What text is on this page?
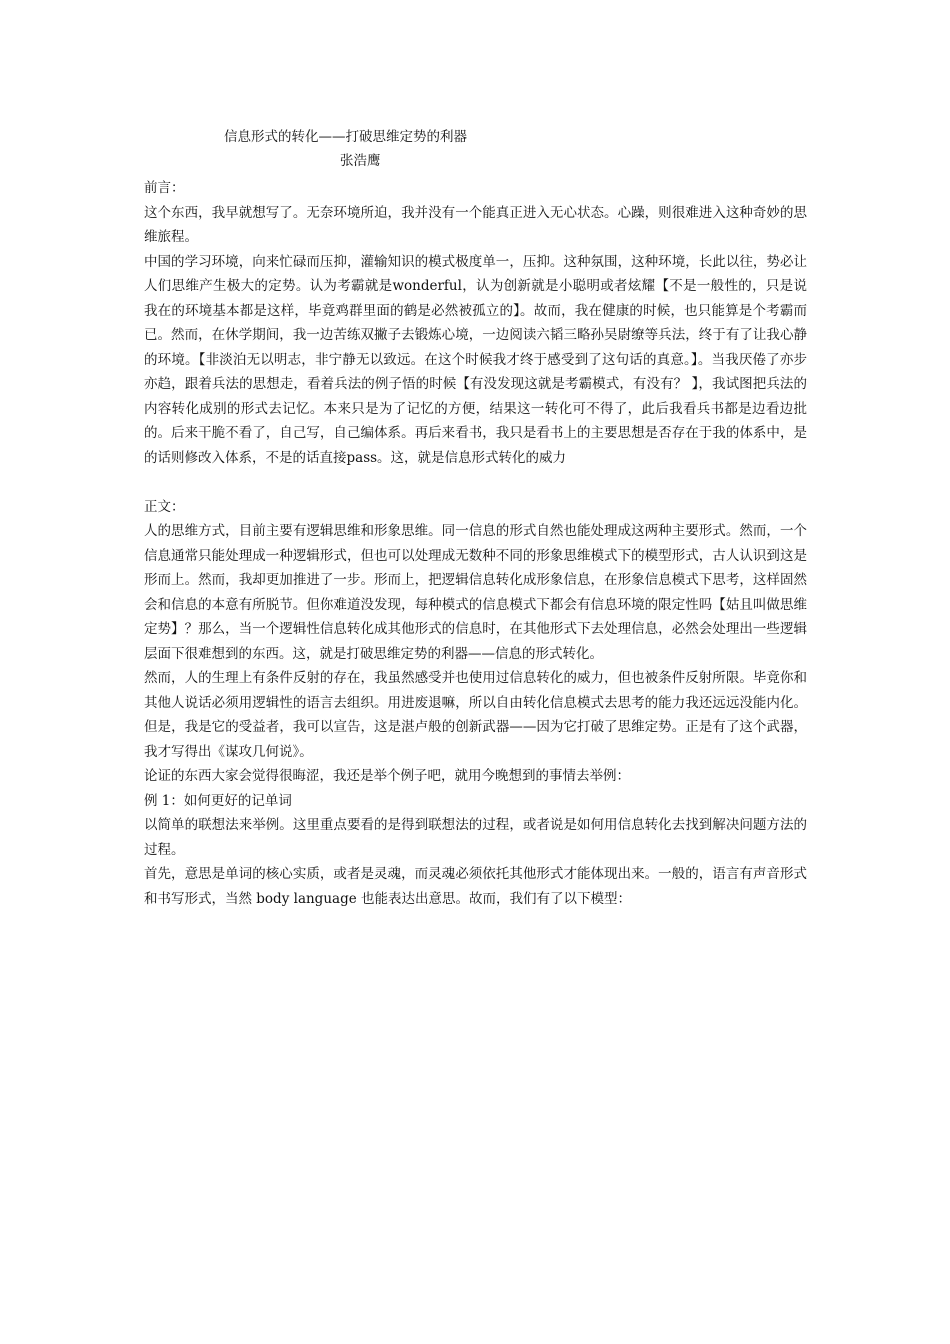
信息形式的转化——打破思维定势的利器
张浩鹰

前言：

这个东西，我早就想写了。无奈环境所迫，我并没有一个能真正进入无心状态。心躁，则很难进入这种奇妙的思维旅程。

中国的学习环境，向来忙碌而压抑，灌输知识的模式极度单一，压抑。这种氛围，这种环境，长此以往，势必让人们思维产生极大的定势。认为考霸就是wonderful，认为创新就是小聪明或者炫耀【不是一般性的，只是说我在的环境基本都是这样，毕竟鸡群里面的鹤是必然被孤立的】。故而，我在健康的时候，也只能算是个考霸而已。然而，在休学期间，我一边苦练双撇子去锻炼心境，一边阅读六韬三略孙吴尉缭等兵法，终于有了让我心静的环境。【非淡泊无以明志，非宁静无以致远。在这个时候我才终于感受到了这句话的真意。】。当我厌倦了亦步亦趋，跟着兵法的思想走，看着兵法的例子悟的时候【有没发现这就是考霸模式，有没有？ 】，我试图把兵法的内容转化成别的形式去记忆。本来只是为了记忆的方便，结果这一转化可不得了，此后我看兵书都是边看边批的。后来干脆不看了，自己写，自己编体系。再后来看书，我只是看书上的主要思想是否存在于我的体系中，是的话则修改入体系，不是的话直接pass。这，就是信息形式转化的威力

正文：

人的思维方式，目前主要有逻辑思维和形象思维。同一信息的形式自然也能处理成这两种主要形式。然而，一个信息通常只能处理成一种逻辑形式，但也可以处理成无数种不同的形象思维模式下的模型形式，古人认识到这是形而上。然而，我却更加推进了一步。形而上，把逻辑信息转化成形象信息，在形象信息模式下思考，这样固然会和信息的本意有所脱节。但你难道没发现，每种模式的信息模式下都会有信息环境的限定性吗【姑且叫做思维定势】？那么，当一个逻辑性信息转化成其他形式的信息时，在其他形式下去处理信息，必然会处理出一些逻辑层面下很难想到的东西。这，就是打破思维定势的利器——信息的形式转化。

然而，人的生理上有条件反射的存在，我虽然感受并也使用过信息转化的威力，但也被条件反射所限。毕竟你和其他人说话必须用逻辑性的语言去组织。用进废退嘛，所以自由转化信息模式去思考的能力我还远远没能内化。但是，我是它的受益者，我可以宣告，这是湛卢般的创新武器——因为它打破了思维定势。正是有了这个武器，我才写得出《谋攻几何说》。

论证的东西大家会觉得很晦涩，我还是举个例子吧，就用今晚想到的事情去举例：

例 1：如何更好的记单词

以简单的联想法来举例。这里重点要看的是得到联想法的过程，或者说是如何用信息转化去找到解决问题方法的过程。

首先，意思是单词的核心实质，或者是灵魂，而灵魂必须依托其他形式才能体现出来。一般的，语言有声音形式和书写形式，当然 body language 也能表达出意思。故而，我们有了以下模型：
